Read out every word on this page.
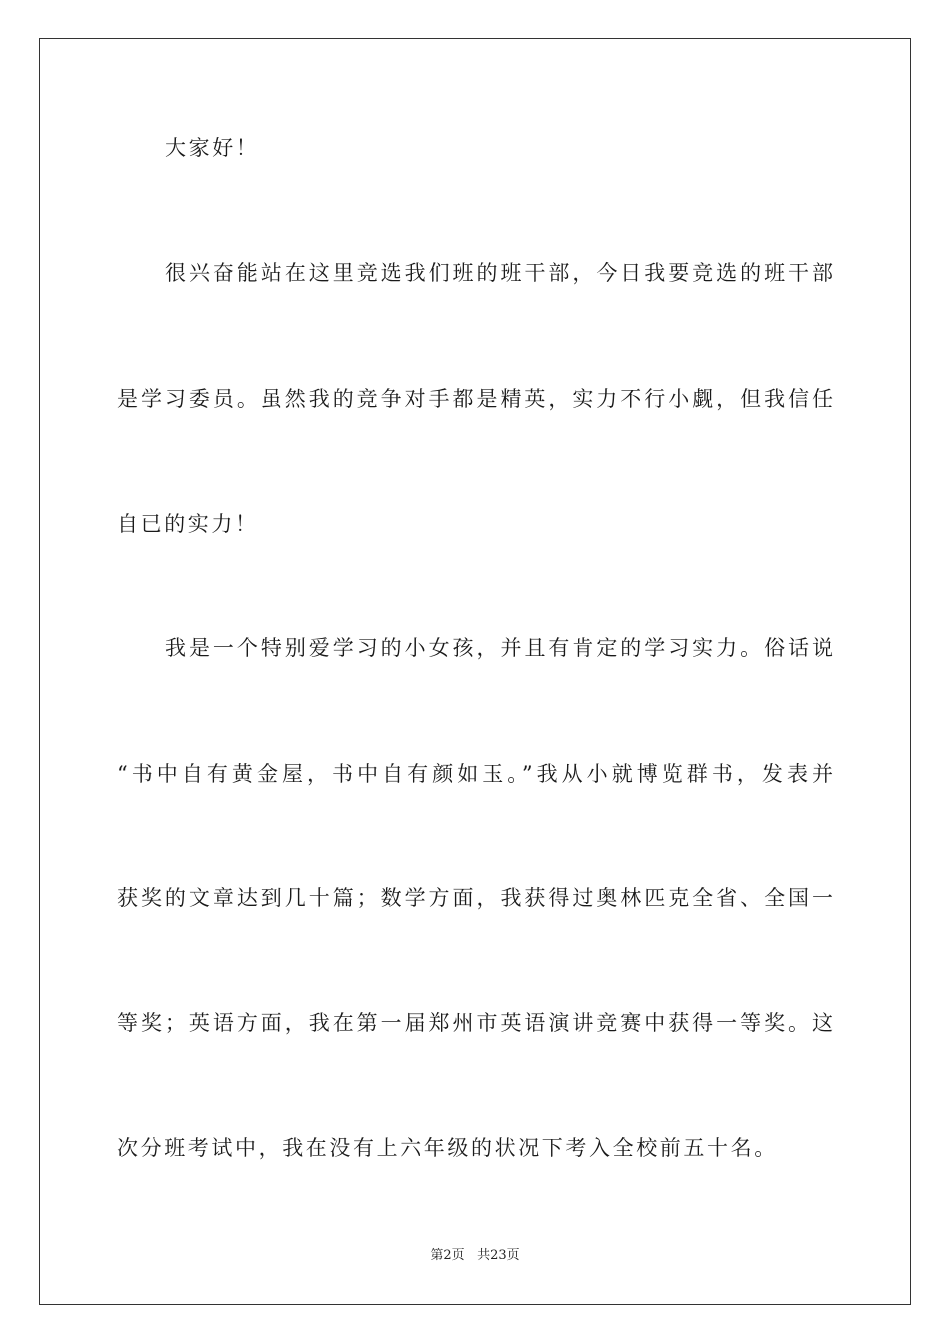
大家好！
很兴奋能站在这里竞选我们班的班干部，今日我要竞选的班干部
是学习委员。虽然我的竞争对手都是精英，实力不行小觑，但我信任
自已的实力！
我是一个特别爱学习的小女孩，并且有肯定的学习实力。俗话说
“书中自有黄金屋，书中自有颜如玉。”我从小就博览群书，发表并
获奖的文章达到几十篇；数学方面，我获得过奥林匹克全省、全国一
等奖；英语方面，我在第一届郑州市英语演讲竞赛中获得一等奖。这
次分班考试中，我在没有上六年级的状况下考入全校前五十名。
第2页 共23页
